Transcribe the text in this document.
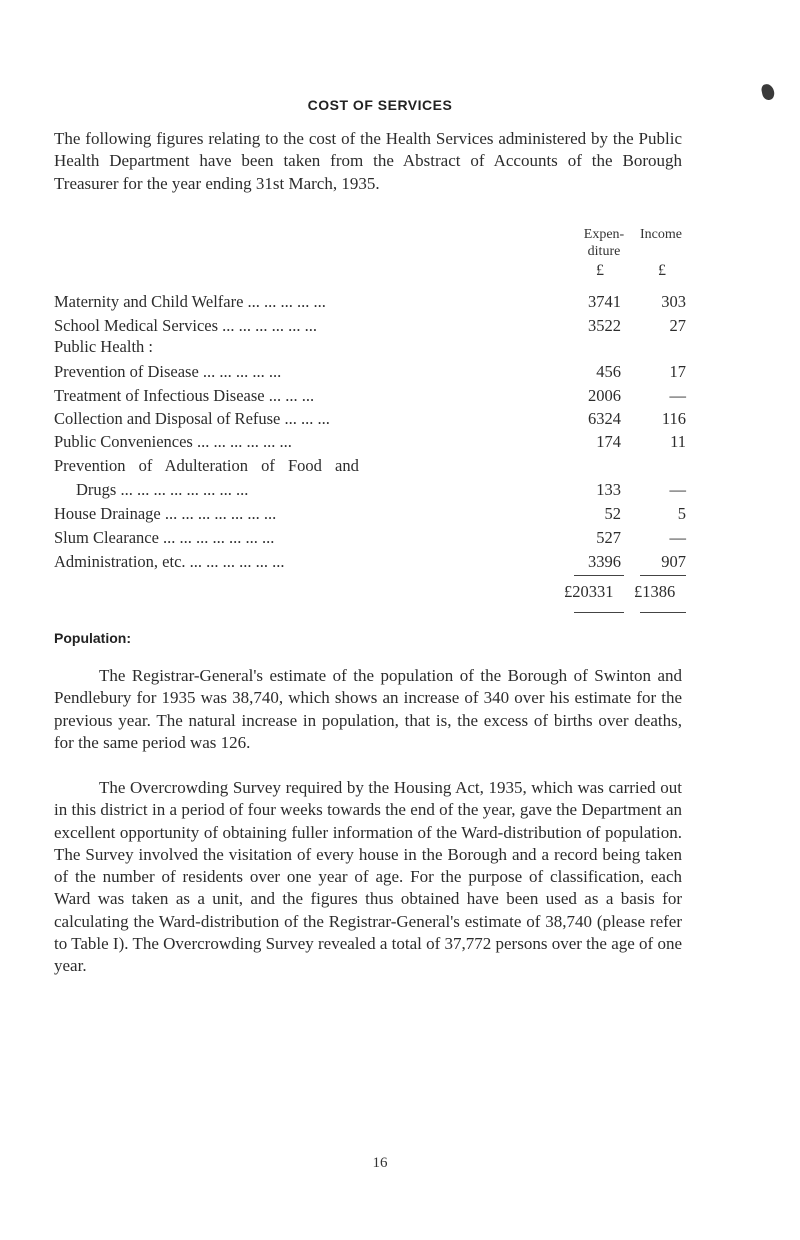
COST OF SERVICES

The following figures relating to the cost of the Health Services administered by the Public Health Department have been taken from the Abstract of Accounts of the Borough Treasurer for the year ending 31st March, 1935.

Expen-
diture
Income
£	£
Maternity and Child Welfare ... ... ... ... ...	3741 303
School Medical Services ... ... ... ... ... ...	3522	27
Public Health :
Prevention of Disease ... ... ... ... ...	456	17
Treatment of Infectious Disease ... ... ...	2006	—
Collection and Disposal of Refuse ... ... ...	6324 116
Public Conveniences ... ... ... ... ... ...	174	11
Prevention of Adulteration of Food and
Drugs ... ... ... ... ... ... ... ...	133	—
House Drainage ... ... ... ... ... ... ...	52	5
Slum Clearance ... ... ... ... ... ... ...	527	—
Administration, etc. ... ... ... ... ... ...	3396 907
£20331 £1386
Population:

The Registrar-General's estimate of the population of the Borough of Swinton and Pendlebury for 1935 was 38,740, which shows an increase of 340 over his estimate for the previous year. The natural increase in population, that is, the excess of births over deaths, for the same period was 126.

The Overcrowding Survey required by the Housing Act, 1935, which was carried out in this district in a period of four weeks towards the end of the year, gave the Department an excellent opportunity of obtaining fuller information of the Ward-distribution of population. The Survey involved the visitation of every house in the Borough and a record being taken of the number of residents over one year of age. For the purpose of classification, each Ward was taken as a unit, and the figures thus obtained have been used as a basis for calculating the Ward-distribution of the Registrar-General's estimate of 38,740 (please refer to Table I). The Overcrowding Survey revealed a total of 37,772 persons over the age of one year.

16
